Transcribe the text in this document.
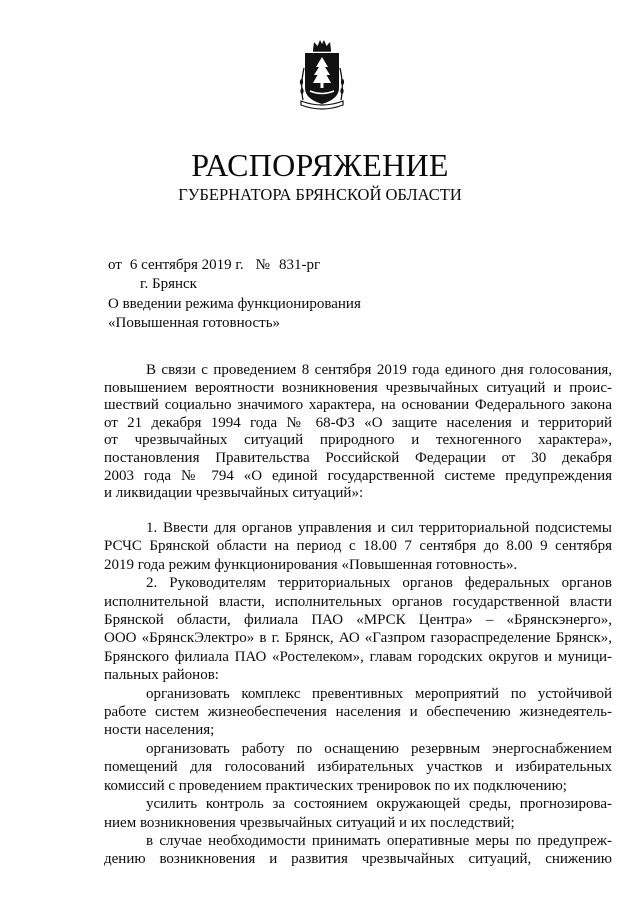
РАСПОРЯЖЕНИЕ
ГУБЕРНАТОРА БРЯНСКОЙ ОБЛАСТИ
от 6 сентября 2019 г. № 831-рг
г. Брянск
О введении режима функционирования
«Повышенная готовность»
В связи с проведением 8 сентября 2019 года единого дня голосования,
повышением вероятности возникновения чрезвычайных ситуаций и проис-
шествий социально значимого характера, на основании Федерального закона
от 21 декабря 1994 года № 68-ФЗ «О защите населения и территорий
от чрезвычайных ситуаций природного и техногенного характера»,
постановления Правительства Российской Федерации от 30 декабря
2003 года № 794 «О единой государственной системе предупреждения
и ликвидации чрезвычайных ситуаций»:
1. Ввести для органов управления и сил территориальной подсистемы
РСЧС Брянской области на период с 18.00 7 сентября до 8.00 9 сентября
2019 года режим функционирования «Повышенная готовность».
2. Руководителям территориальных органов федеральных органов
исполнительной власти, исполнительных органов государственной власти
Брянской области, филиала ПАО «МРСК Центра» – «Брянскэнерго»,
ООО «БрянскЭлектро» в г. Брянск, АО «Газпром газораспределение Брянск»,
Брянского филиала ПАО «Ростелеком», главам городских округов и муници-
пальных районов:
организовать комплекс превентивных мероприятий по устойчивой
работе систем жизнеобеспечения населения и обеспечению жизнедеятель-
ности населения;
организовать работу по оснащению резервным энергоснабжением
помещений для голосований избирательных участков и избирательных
комиссий с проведением практических тренировок по их подключению;
усилить контроль за состоянием окружающей среды, прогнозирова-
нием возникновения чрезвычайных ситуаций и их последствий;
в случае необходимости принимать оперативные меры по предупреж-
дению возникновения и развития чрезвычайных ситуаций, снижению
